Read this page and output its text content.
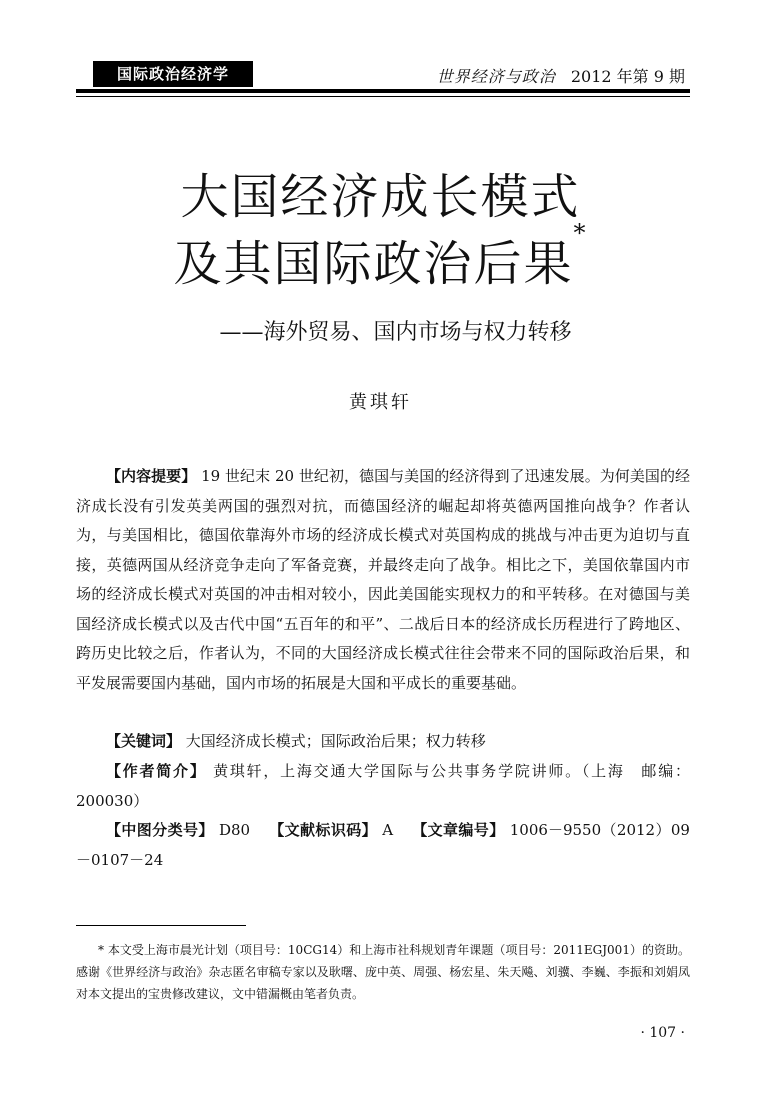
国际政治经济学	世界经济与政治 2012 年第 9 期
大国经济成长模式
及其国际政治后果*
——海外贸易、国内市场与权力转移
黄琪轩

【内容提要】 19 世纪末 20 世纪初，德国与美国的经济得到了迅速发展。为何美国的经济成长没有引发英美两国的强烈对抗，而德国经济的崛起却将英德两国推向战争？作者认为，与美国相比，德国依靠海外市场的经济成长模式对英国构成的挑战与冲击更为迫切与直接，英德两国从经济竞争走向了军备竞赛，并最终走向了战争。相比之下，美国依靠国内市场的经济成长模式对英国的冲击相对较小，因此美国能实现权力的和平转移。在对德国与美国经济成长模式以及古代中国“五百年的和平”、二战后日本的经济成长历程进行了跨地区、跨历史比较之后，作者认为，不同的大国经济成长模式往往会带来不同的国际政治后果，和平发展需要国内基础，国内市场的拓展是大国和平成长的重要基础。

【关键词】 大国经济成长模式；国际政治后果；权力转移

【作者简介】 黄琪轩，上海交通大学国际与公共事务学院讲师。（上海　邮编：200030）

【中图分类号】 D80 【文献标识码】 A 【文章编号】 1006－9550（2012）09－0107－24

* 本文受上海市晨光计划（项目号：10CG14）和上海市社科规划青年课题（项目号：2011EGJ001）的资助。感谢《世界经济与政治》杂志匿名审稿专家以及耿曙、庞中英、周强、杨宏星、朱天飚、刘骥、李巍、李振和刘娟凤对本文提出的宝贵修改建议，文中错漏概由笔者负责。

· 107 ·
